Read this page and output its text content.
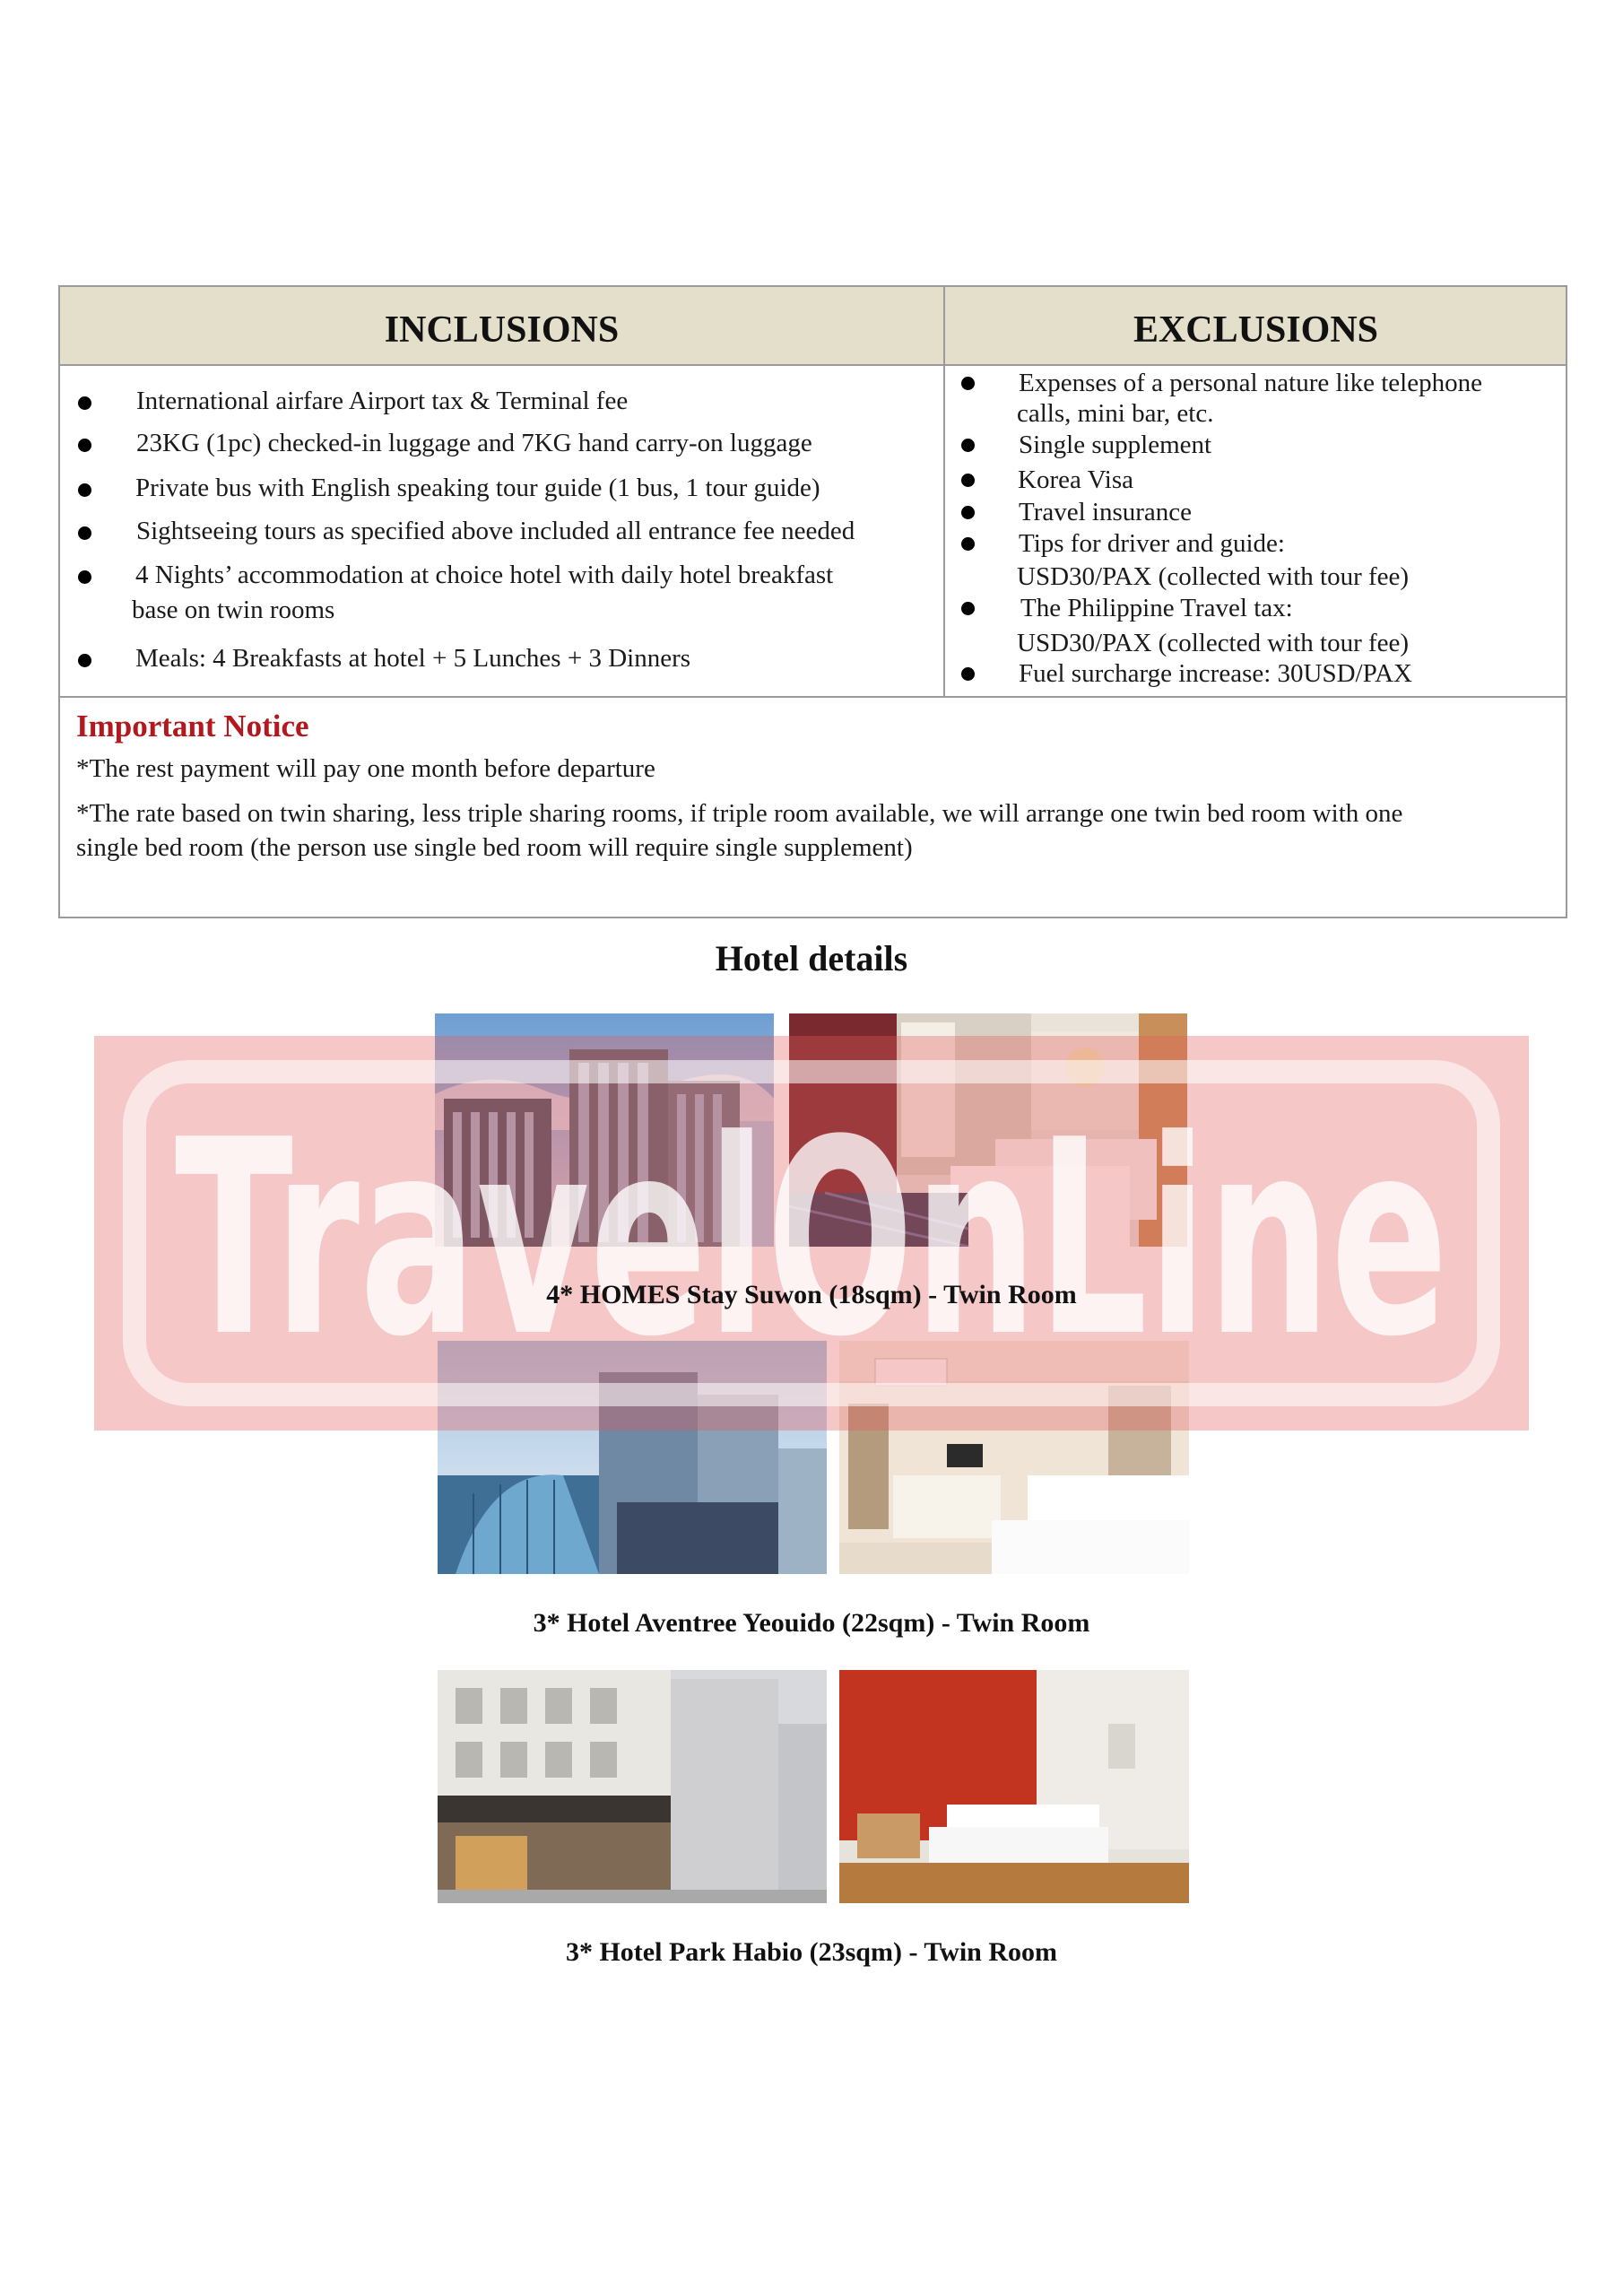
INCLUSIONS	EXCLUSIONS
International airfare Airport tax & Terminal fee
23KG (1pc) checked-in luggage and 7KG hand carry-on luggage
Private bus with English speaking tour guide (1 bus, 1 tour guide)
Sightseeing tours as specified above included all entrance fee needed
4 Nights’ accommodation at choice hotel with daily hotel breakfast
base on twin rooms
Meals: 4 Breakfasts at hotel + 5 Lunches + 3 Dinners
Expenses of a personal nature like telephone
calls, mini bar, etc.
Single supplement
Korea Visa
Travel insurance
Tips for driver and guide:
USD30/PAX (collected with tour fee)
The Philippine Travel tax:
USD30/PAX (collected with tour fee)
Fuel surcharge increase: 30USD/PAX
Important Notice
*The rest payment will pay one month before departure
*The rate based on twin sharing, less triple sharing rooms, if triple room available, we will arrange one twin bed room with one
single bed room (the person use single bed room will require single supplement)
Hotel details
4* HOMES Stay Suwon (18sqm) - Twin Room
3* Hotel Aventree Yeouido (22sqm) - Twin Room
3* Hotel Park Habio (23sqm) - Twin Room
TravelOnLine
